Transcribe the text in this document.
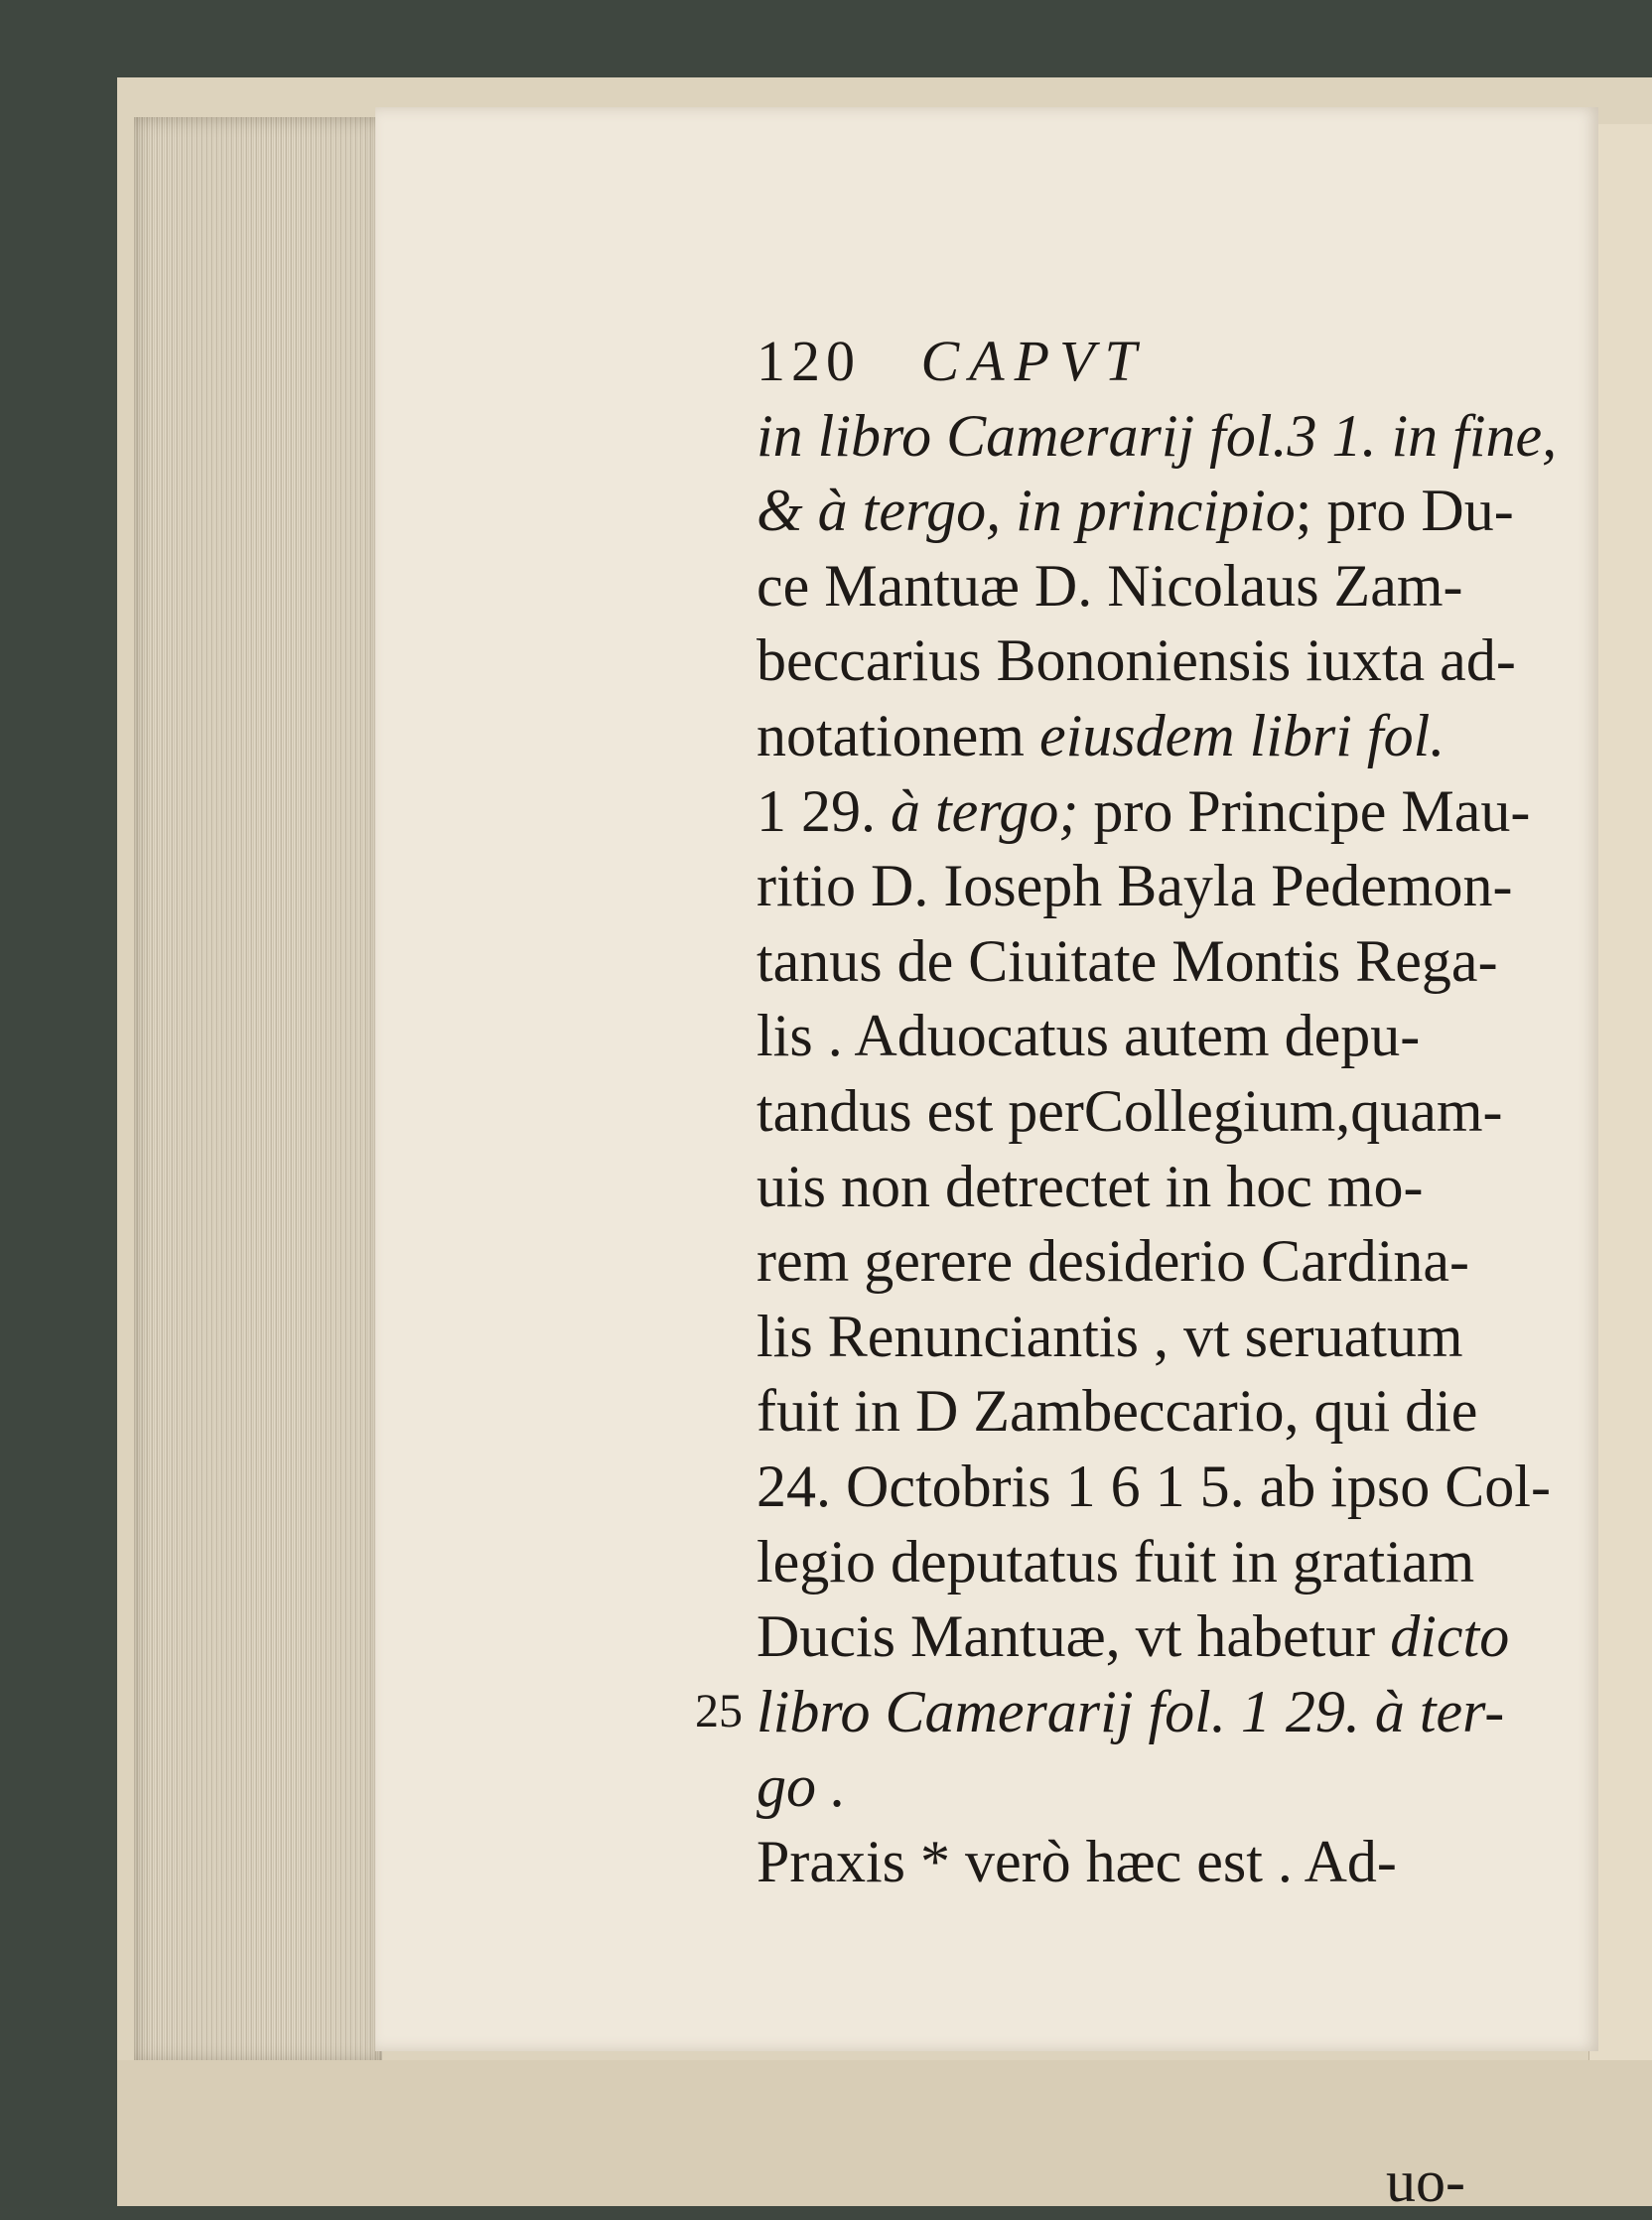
120 CAPVT
in libro Camerarij fol.3 1. in fine,
& à tergo, in principio; pro Du-
ce Mantuæ D. Nicolaus Zam-
beccarius Bononiensis iuxta ad-
notationem eiusdem libri fol.
1 29. à tergo; pro Principe Mau-
ritio D. Ioseph Bayla Pedemon-
tanus de Ciuitate Montis Rega-
lis . Aduocatus autem depu-
tandus est perCollegium,quam-
uis non detrectet in hoc mo-
rem gerere desiderio Cardina-
lis Renunciantis , vt seruatum
fuit in D Zambeccario, qui die
24. Octobris 1 6 1 5. ab ipso Col-
legio deputatus fuit in gratiam
Ducis Mantuæ, vt habetur dicto
libro Camerarij fol. 1 29. à ter-
go .
Praxis * verò hæc est . Ad-
25
uo-
